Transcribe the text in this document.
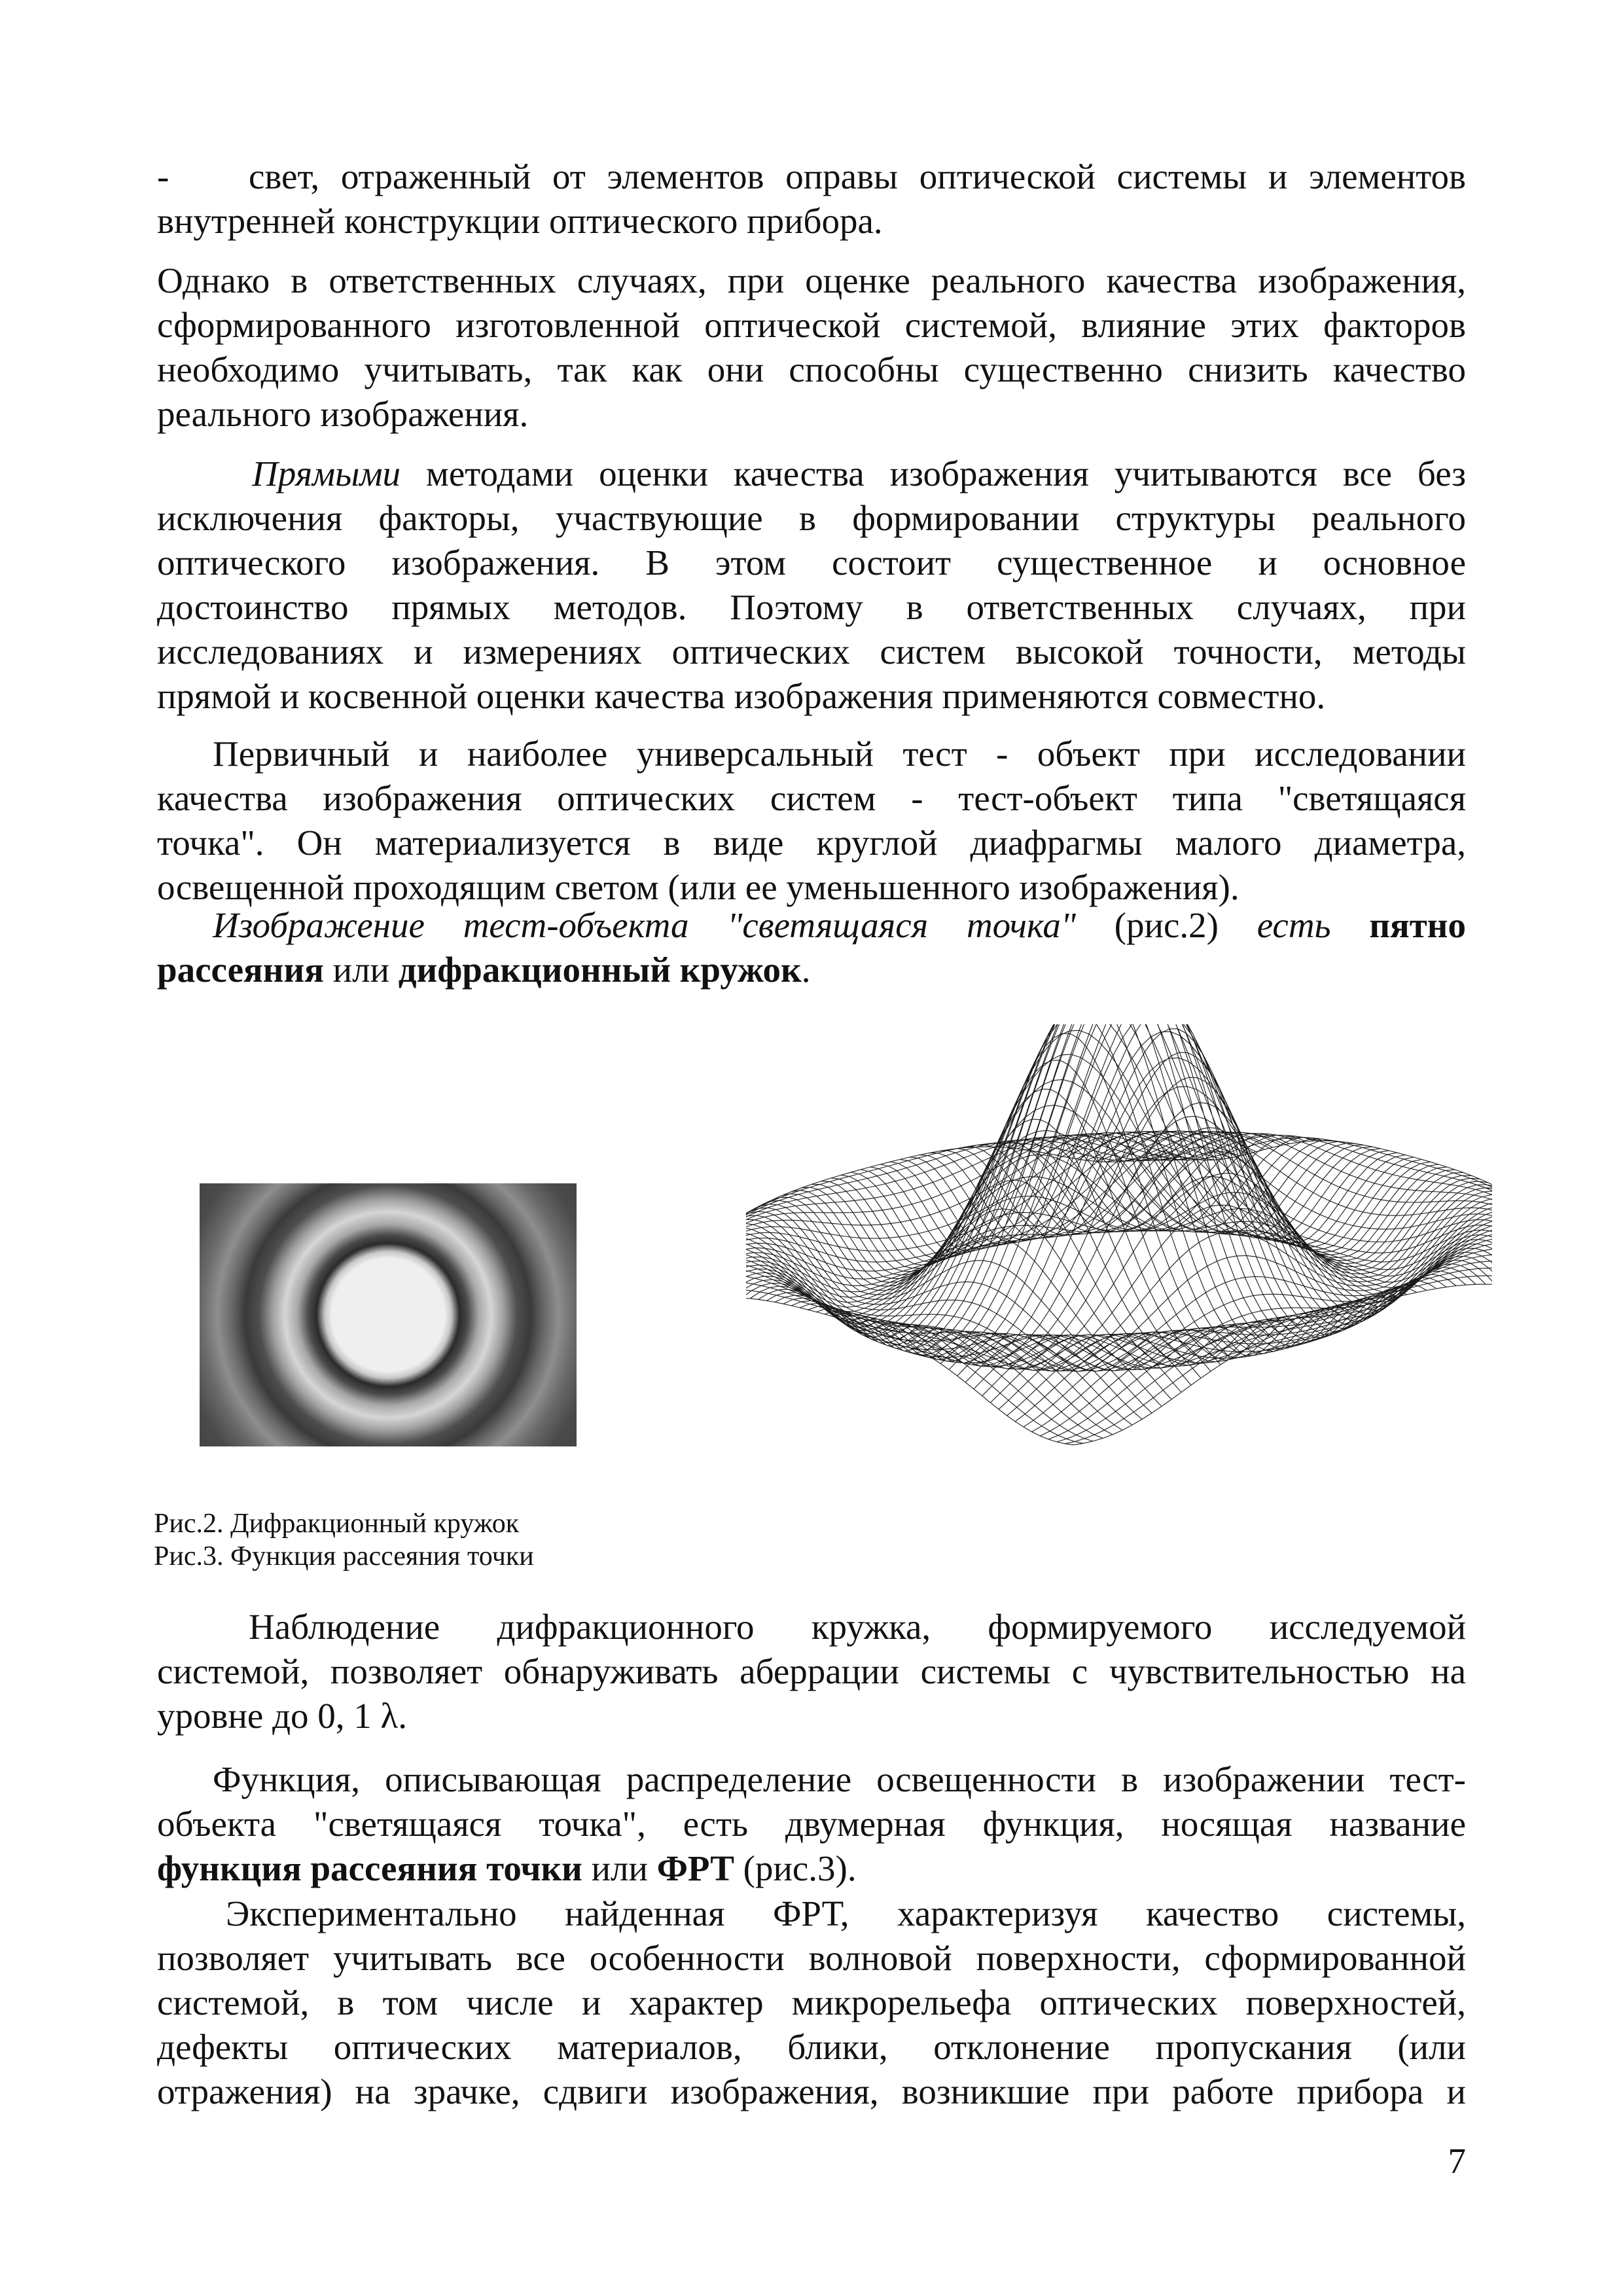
- свет, отраженный от элементов оправы оптической системы и элементов
внутренней конструкции оптического прибора.
Однако в ответственных случаях, при оценке реального качества изображения,
сформированного изготовленной оптической системой, влияние этих факторов
необходимо учитывать, так как они способны существенно снизить качество
реального изображения.
Прямыми методами оценки качества изображения учитываются все без
исключения факторы, участвующие в формировании структуры реального
оптического изображения. В этом состоит существенное и основное
достоинство прямых методов. Поэтому в ответственных случаях, при
исследованиях и измерениях оптических систем высокой точности, методы
прямой и косвенной оценки качества изображения применяются совместно.
Первичный и наиболее универсальный тест - объект при исследовании
качества изображения оптических систем - тест-объект типа "светящаяся
точка". Он материализуется в виде круглой диафрагмы малого диаметра,
освещенной проходящим светом (или ее уменьшенного изображения).
Изображение тест-объекта "светящаяся точка" (рис.2) есть пятно
рассеяния или дифракционный кружок.
Рис.2. Дифракционный кружок
Рис.3. Функция рассеяния точки
Наблюдение дифракционного кружка, формируемого исследуемой
системой, позволяет обнаруживать аберрации системы с чувствительностью на
уровне до 0, 1 λ.
Функция, описывающая распределение освещенности в изображении тест-
объекта "светящаяся точка", есть двумерная функция, носящая название
функция рассеяния точки или ФРТ (рис.3).
Экспериментально найденная ФРТ, характеризуя качество системы,
позволяет учитывать все особенности волновой поверхности, сформированной
системой, в том числе и характер микрорельефа оптических поверхностей,
дефекты оптических материалов, блики, отклонение пропускания (или
отражения) на зрачке, сдвиги изображения, возникшие при работе прибора и
7
